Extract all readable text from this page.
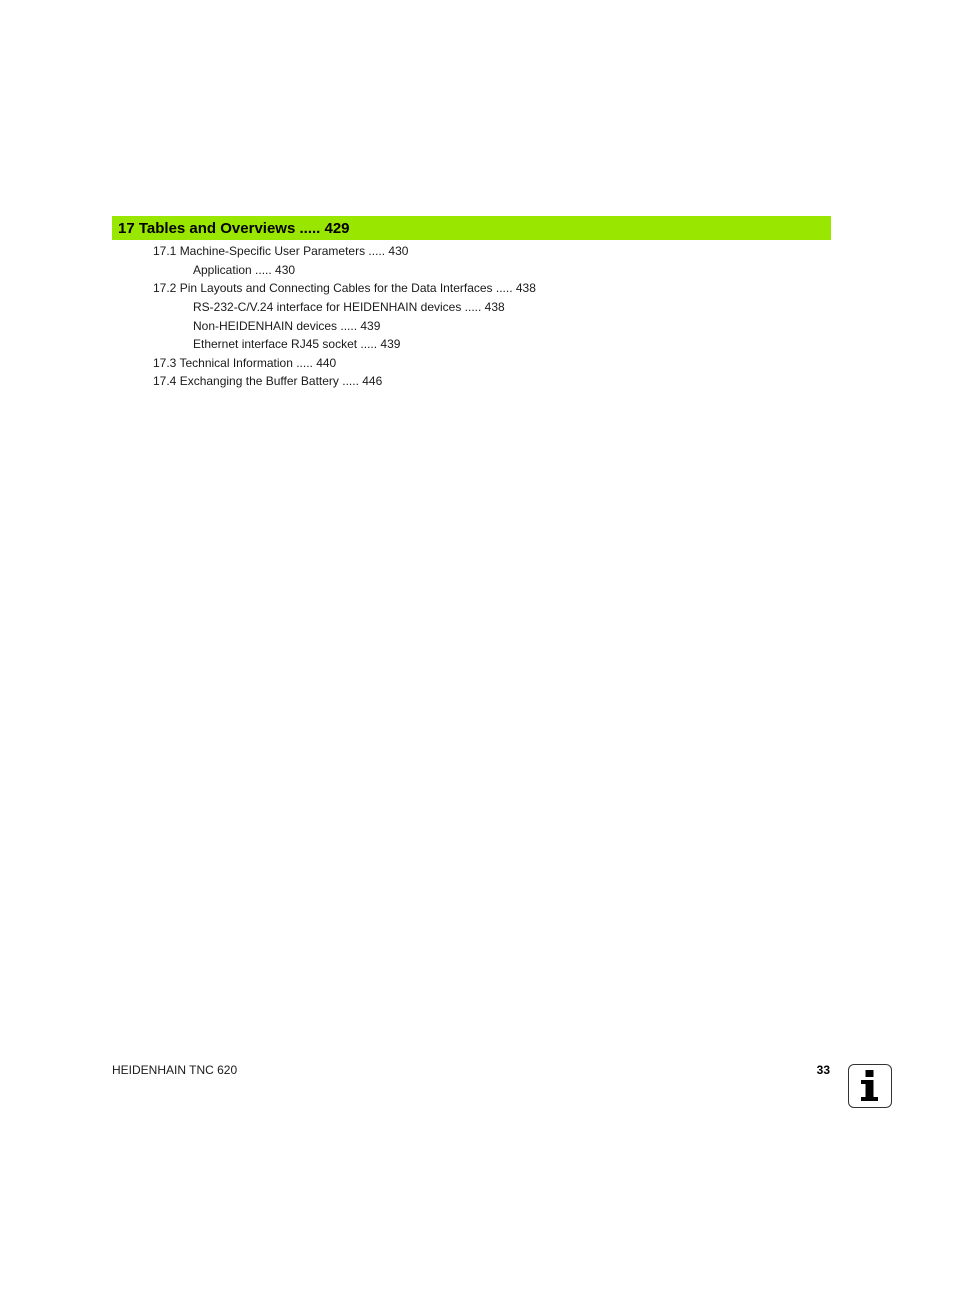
17 Tables and Overviews ..... 429
17.1 Machine-Specific User Parameters ..... 430
Application ..... 430
17.2 Pin Layouts and Connecting Cables for the Data Interfaces ..... 438
RS-232-C/V.24 interface for HEIDENHAIN devices ..... 438
Non-HEIDENHAIN devices ..... 439
Ethernet interface RJ45 socket ..... 439
17.3 Technical Information ..... 440
17.4 Exchanging the Buffer Battery ..... 446
HEIDENHAIN TNC 620	33
